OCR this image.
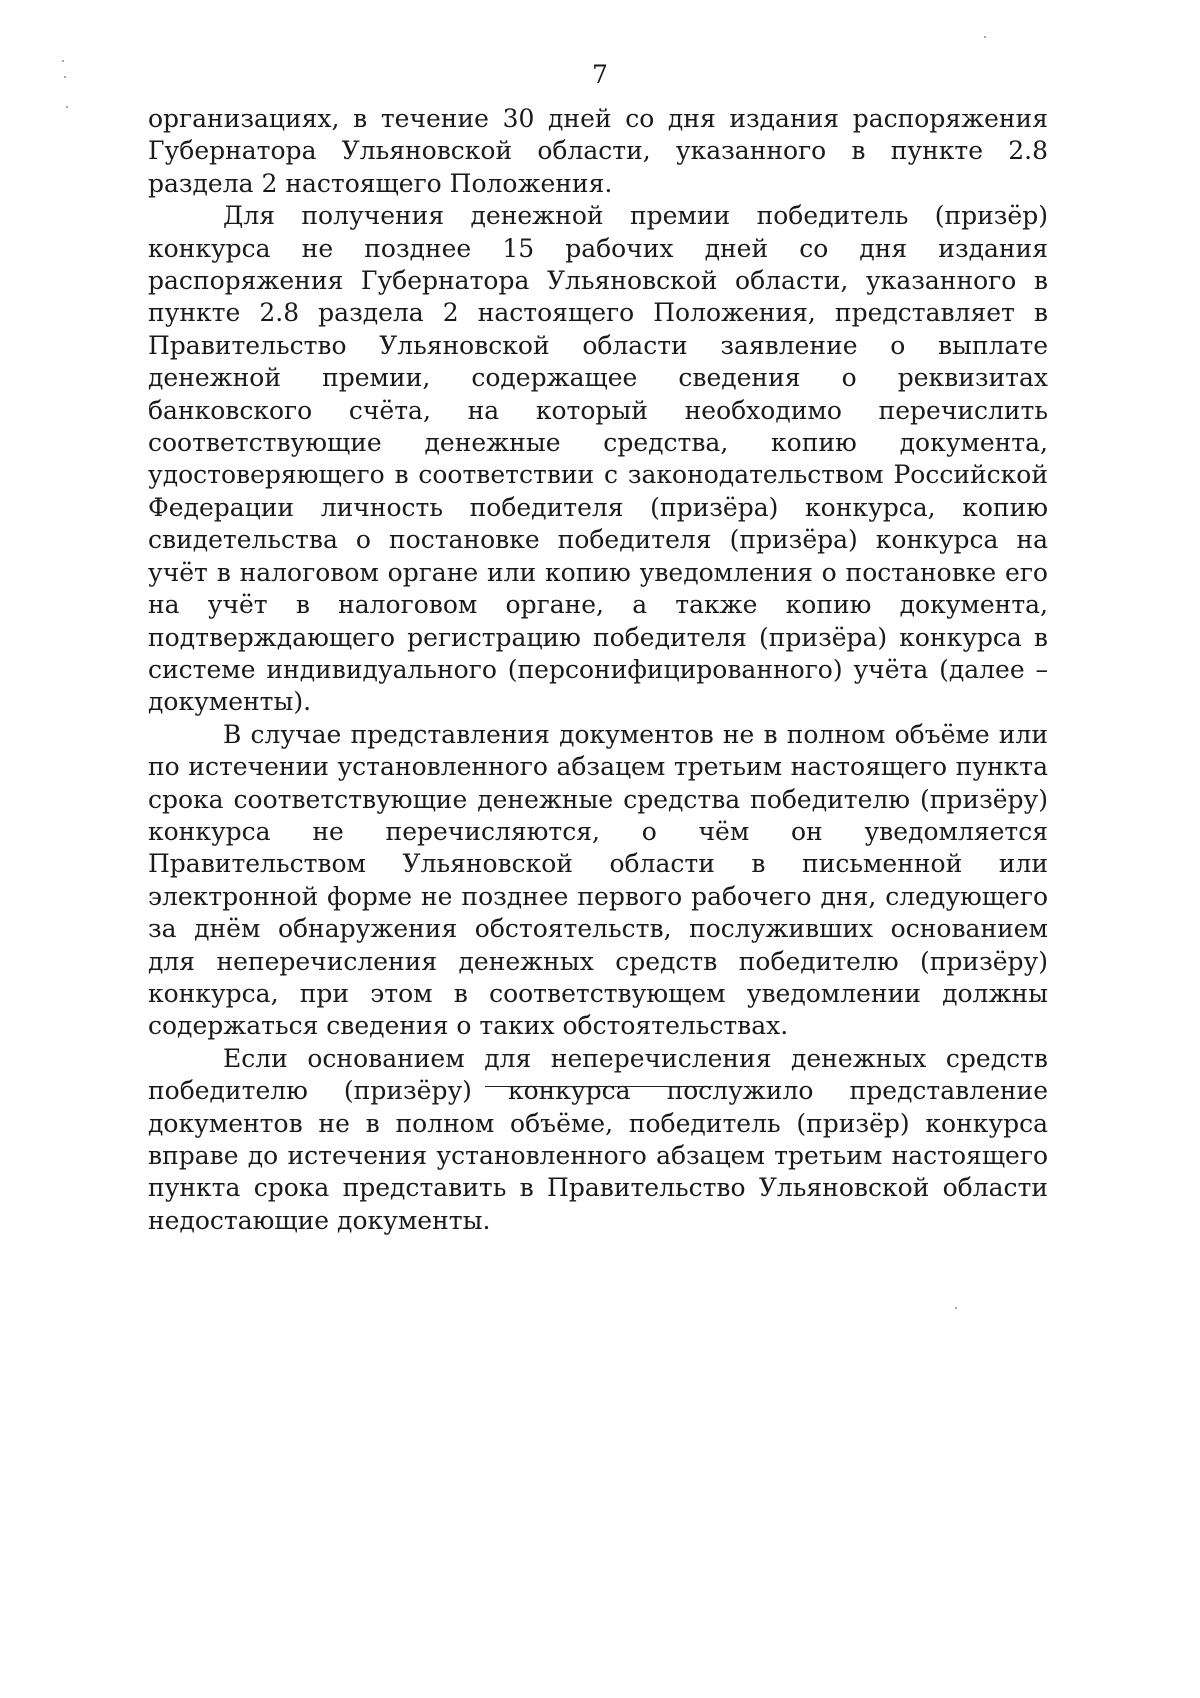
7

организациях, в течение 30 дней со дня издания распоряжения Губернатора Ульяновской области, указанного в пункте 2.8 раздела 2 настоящего Положения.

Для получения денежной премии победитель (призёр) конкурса не позднее 15 рабочих дней со дня издания распоряжения Губернатора Ульяновской области, указанного в пункте 2.8 раздела 2 настоящего Положения, представляет в Правительство Ульяновской области заявление о выплате денежной премии, содержащее сведения о реквизитах банковского счёта, на который необходимо перечислить соответствующие денежные средства, копию документа, удостоверяющего в соответствии с законодательством Российской Федерации личность победителя (призёра) конкурса, копию свидетельства о постановке победителя (призёра) конкурса на учёт в налоговом органе или копию уведомления о постановке его на учёт в налоговом органе, а также копию документа, подтверждающего регистрацию победителя (призёра) конкурса в системе индивидуального (персонифицированного) учёта (далее – документы).

В случае представления документов не в полном объёме или по истечении установленного абзацем третьим настоящего пункта срока соответствующие денежные средства победителю (призёру) конкурса не перечисляются, о чём он уведомляется Правительством Ульяновской области в письменной или электронной форме не позднее первого рабочего дня, следующего за днём обнаружения обстоятельств, послуживших основанием для неперечисления денежных средств победителю (призёру) конкурса, при этом в соответствующем уведомлении должны содержаться сведения о таких обстоятельствах.

Если основанием для неперечисления денежных средств победителю (призёру) конкурса послужило представление документов не в полном объёме, победитель (призёр) конкурса вправе до истечения установленного абзацем третьим настоящего пункта срока представить в Правительство Ульяновской области недостающие документы.
